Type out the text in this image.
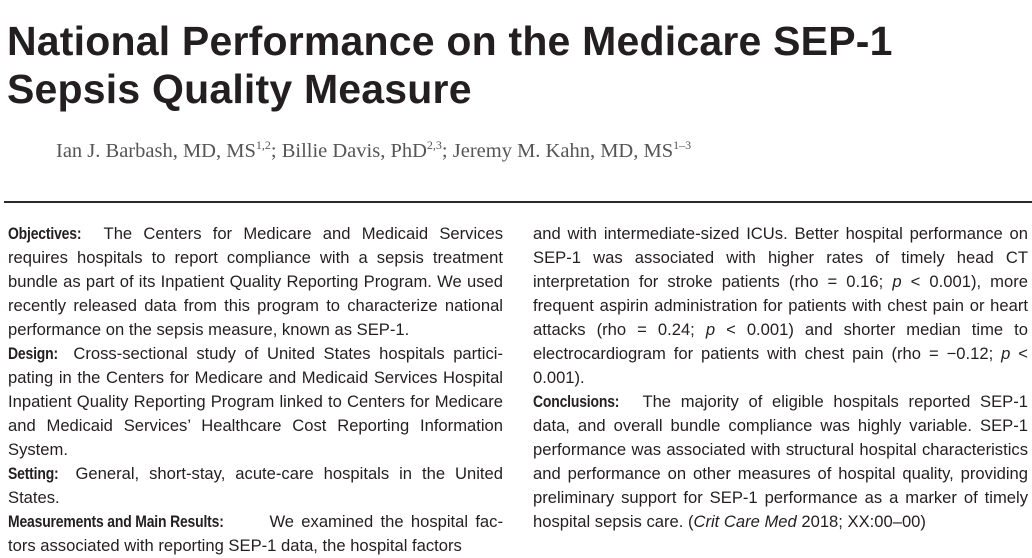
National Performance on the Medicare SEP-1
Sepsis Quality Measure

Ian J. Barbash, MD, MS$^{1,2}$; Billie Davis, PhD$^{2,3}$; Jeremy M. Kahn, MD, MS$^{1-3}$

Objectives: The Centers for Medicare and Medicaid Services requires hospitals to report compliance with a sepsis treatment bundle as part of its Inpatient Quality Reporting Program. We used recently released data from this program to characterize national performance on the sepsis measure, known as SEP-1.

Design: Cross-sectional study of United States hospitals participating in the Centers for Medicare and Medicaid Services Hospital Inpatient Quality Reporting Program linked to Centers for Medicare and Medicaid Services’ Healthcare Cost Reporting Information System.

Setting: General, short-stay, acute-care hospitals in the United States.

Measurements and Main Results: We examined the hospital factors associated with reporting SEP-1 data, the hospital factors

and with intermediate-sized ICUs. Better hospital performance on SEP-1 was associated with higher rates of timely head CT interpretation for stroke patients (rho = 0.16; p < 0.001), more frequent aspirin administration for patients with chest pain or heart attacks (rho = 0.24; p < 0.001) and shorter median time to electrocardiogram for patients with chest pain (rho = −0.12; p < 0.001).

Conclusions: The majority of eligible hospitals reported SEP-1 data, and overall bundle compliance was highly variable. SEP-1 performance was associated with structural hospital characteristics and performance on other measures of hospital quality, providing preliminary support for SEP-1 performance as a marker of timely hospital sepsis care. (Crit Care Med 2018; XX:00–00)
